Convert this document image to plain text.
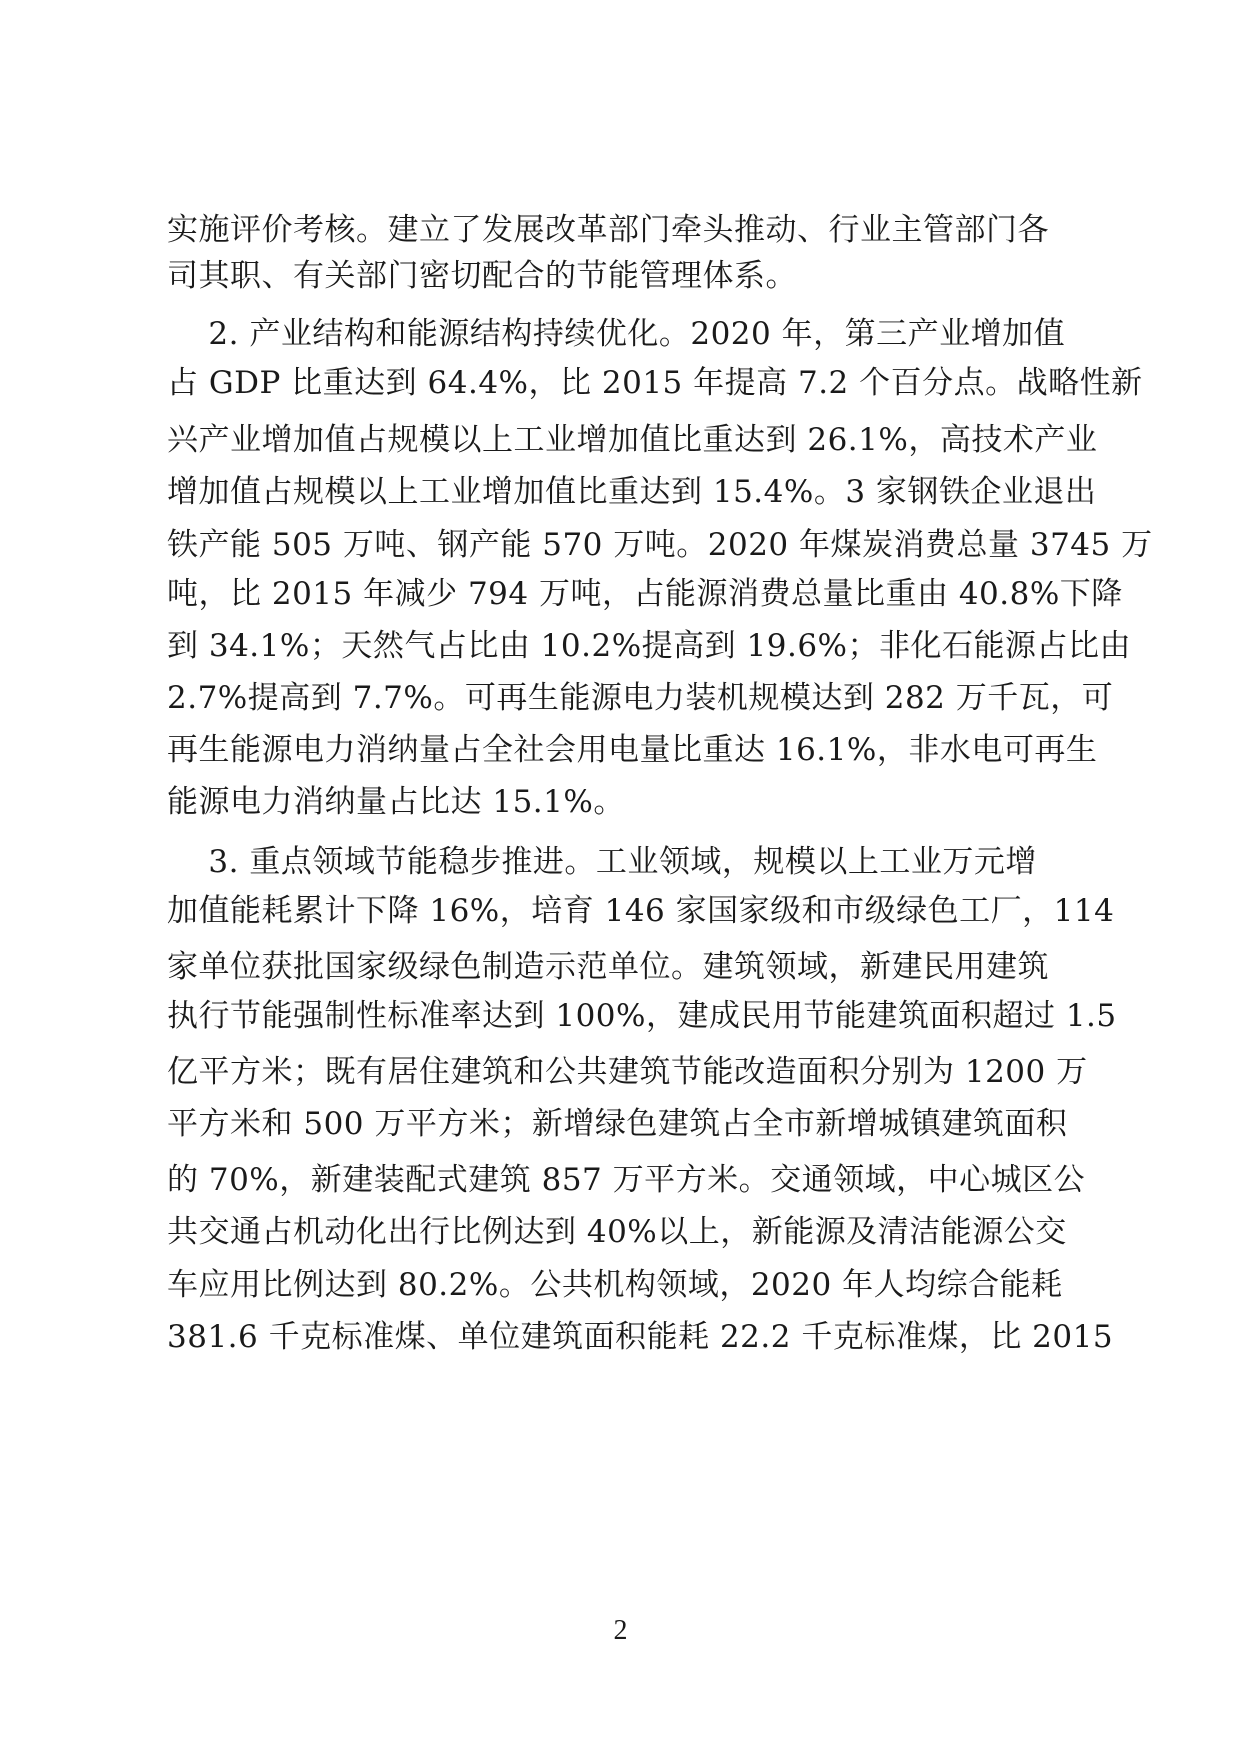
实施评价考核。建立了发展改革部门牵头推动、行业主管部门各
司其职、有关部门密切配合的节能管理体系。
2. 产业结构和能源结构持续优化。2020 年，第三产业增加值
占 GDP 比重达到 64.4%，比 2015 年提高 7.2 个百分点。战略性新
兴产业增加值占规模以上工业增加值比重达到 26.1%，高技术产业
增加值占规模以上工业增加值比重达到 15.4%。3 家钢铁企业退出
铁产能 505 万吨、钢产能 570 万吨。2020 年煤炭消费总量 3745 万
吨，比 2015 年减少 794 万吨，占能源消费总量比重由 40.8%下降
到 34.1%；天然气占比由 10.2%提高到 19.6%；非化石能源占比由
2.7%提高到 7.7%。可再生能源电力装机规模达到 282 万千瓦，可
再生能源电力消纳量占全社会用电量比重达 16.1%，非水电可再生
能源电力消纳量占比达 15.1%。
3. 重点领域节能稳步推进。工业领域，规模以上工业万元增
加值能耗累计下降 16%，培育 146 家国家级和市级绿色工厂，114
家单位获批国家级绿色制造示范单位。建筑领域，新建民用建筑
执行节能强制性标准率达到 100%，建成民用节能建筑面积超过 1.5
亿平方米；既有居住建筑和公共建筑节能改造面积分别为 1200 万
平方米和 500 万平方米；新增绿色建筑占全市新增城镇建筑面积
的 70%，新建装配式建筑 857 万平方米。交通领域，中心城区公
共交通占机动化出行比例达到 40%以上，新能源及清洁能源公交
车应用比例达到 80.2%。公共机构领域，2020 年人均综合能耗
381.6 千克标准煤、单位建筑面积能耗 22.2 千克标准煤，比 2015
2
